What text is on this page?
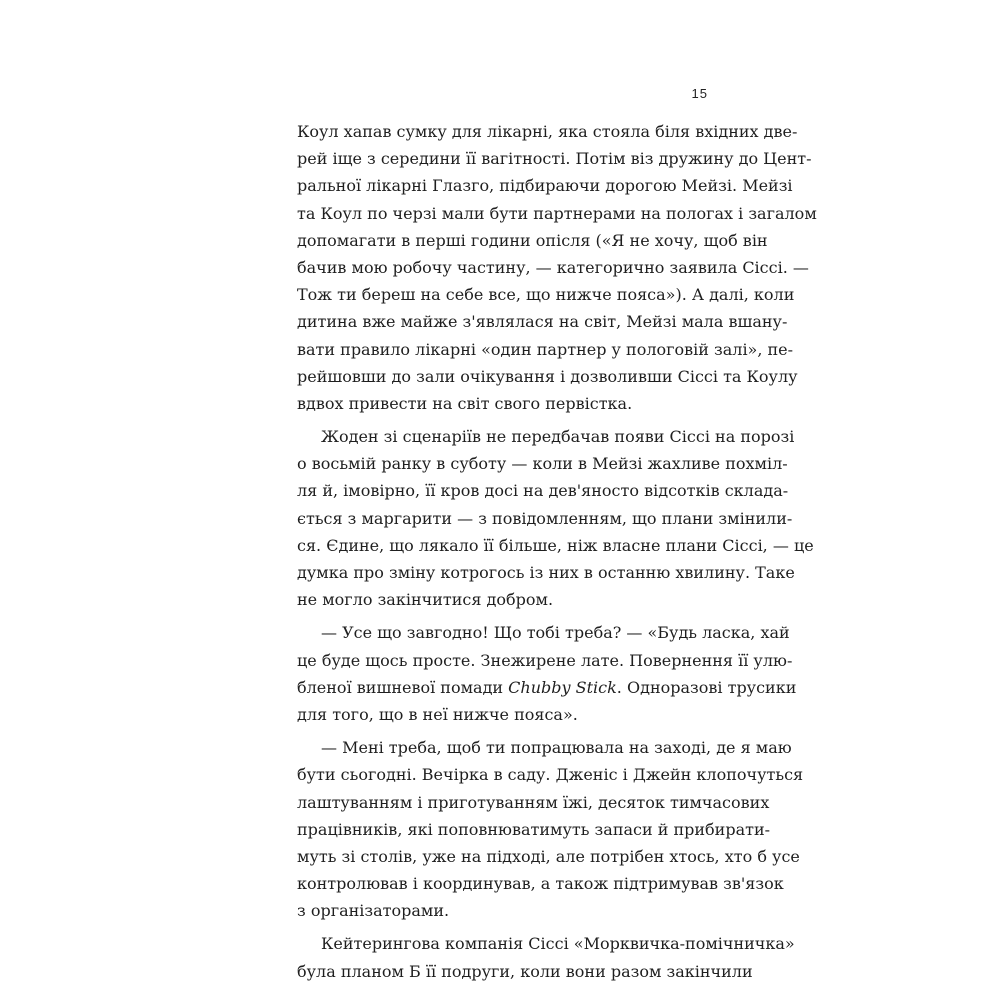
15
Коул хапав сумку для лікарні, яка стояла біля вхідних две-
рей іще з середини її вагітності. Потім віз дружину до Цент-
ральної лікарні Глазго, підбираючи дорогою Мейзі. Мейзі
та Коул по черзі мали бути партнерами на пологах і загалом
допомагати в перші години опісля («Я не хочу, щоб він
бачив мою робочу частину, — категорично заявила Сіссі. —
Тож ти береш на себе все, що нижче пояса»). А далі, коли
дитина вже майже з'являлася на світ, Мейзі мала вшану-
вати правило лікарні «один партнер у пологовій залі», пе-
рейшовши до зали очікування і дозволивши Сіссі та Коулу
вдвох привести на світ свого первістка.
Жоден зі сценаріїв не передбачав появи Сіссі на порозі
о восьмій ранку в суботу — коли в Мейзі жахливе похміл-
ля й, імовірно, її кров досі на дев'яносто відсотків склада-
ється з маргарити — з повідомленням, що плани змінили-
ся. Єдине, що лякало її більше, ніж власне плани Сіссі, — це
думка про зміну котрогось із них в останню хвилину. Таке
не могло закінчитися добром.
— Усе що завгодно! Що тобі треба? — «Будь ласка, хай
це буде щось просте. Знежирене лате. Повернення її улю-
бленої вишневої помади Chubby Stick. Одноразові трусики
для того, що в неї нижче пояса».
— Мені треба, щоб ти попрацювала на заході, де я маю
бути сьогодні. Вечірка в саду. Дженіс і Джейн клопочуться
лаштуванням і приготуванням їжі, десяток тимчасових
працівників, які поповнюватимуть запаси й прибирати-
муть зі столів, уже на підході, але потрібен хтось, хто б усе
контролював і координував, а також підтримував зв'язок
з організаторами.
Кейтерингова компанія Сіссі «Морквичка-помічничка»
була планом Б її подруги, коли вони разом закінчили
